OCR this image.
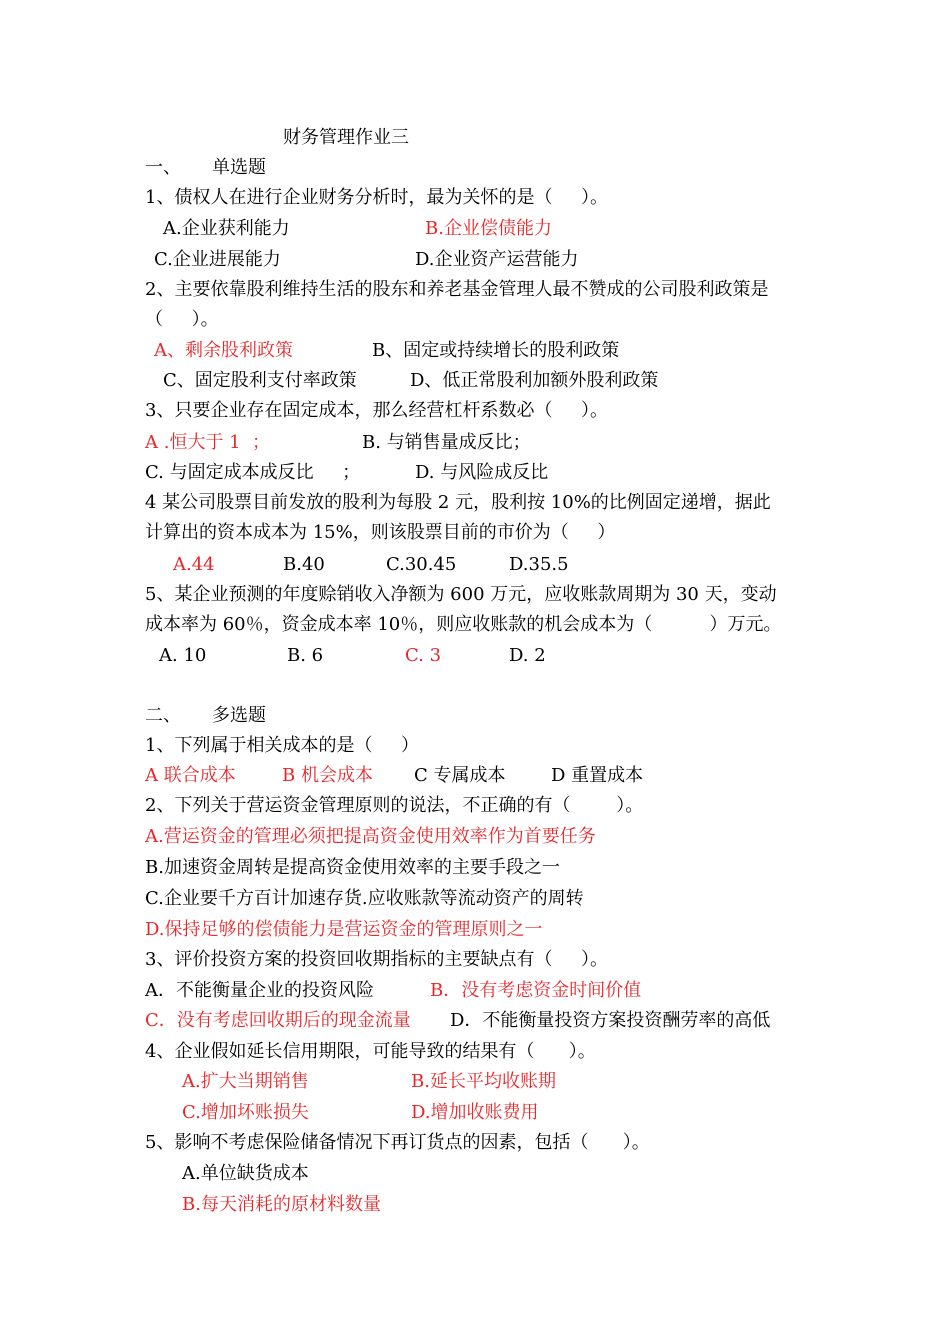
财务管理作业三
一、 单选题
1、债权人在进行企业财务分析时，最为关怀的是（     ）。
A.企业获利能力	B.企业偿债能力
C.企业进展能力	D.企业资产运营能力
2、主要依靠股利维持生活的股东和养老基金管理人最不赞成的公司股利政策是
（     ）。
A、剩余股利政策	B、固定或持续增长的股利政策
C、固定股利支付率政策	D、低正常股利加额外股利政策
3、只要企业存在固定成本，那么经营杠杆系数必（     ）。
A .恒大于 1  ；	B. 与销售量成反比；
C. 与固定成本成反比     ；	D. 与风险成反比
4 某公司股票目前发放的股利为每股 2 元，股利按 10%的比例固定递增，据此
计算出的资本成本为 15%，则该股票目前的市价为（     ）
A.44	B.40	C.30.45	D.35.5
5、某企业预测的年度赊销收入净额为 600 万元，应收账款周期为 30 天，变动
成本率为 60％，资金成本率 10％，则应收账款的机会成本为（          ）万元。
A. 10	B. 6	C. 3	D. 2
二、 多选题
1、下列属于相关成本的是（     ）
A 联合成本	B 机会成本 C 专属成本	D 重置成本
2、下列关于营运资金管理原则的说法，不正确的有（        ）。
A.营运资金的管理必须把提高资金使用效率作为首要任务
B.加速资金周转是提高资金使用效率的主要手段之一
C.企业要千方百计加速存货.应收账款等流动资产的周转
D.保持足够的偿债能力是营运资金的管理原则之一
3、评价投资方案的投资回收期指标的主要缺点有（     ）。
A．不能衡量企业的投资风险	B．没有考虑资金时间价值
C．没有考虑回收期后的现金流量 D．不能衡量投资方案投资酬劳率的高低
4、企业假如延长信用期限，可能导致的结果有（      ）。
A.扩大当期销售	B.延长平均收账期
C.增加坏账损失	D.增加收账费用
5、影响不考虑保险储备情况下再订货点的因素，包括（      ）。
A.单位缺货成本
B.每天消耗的原材料数量
